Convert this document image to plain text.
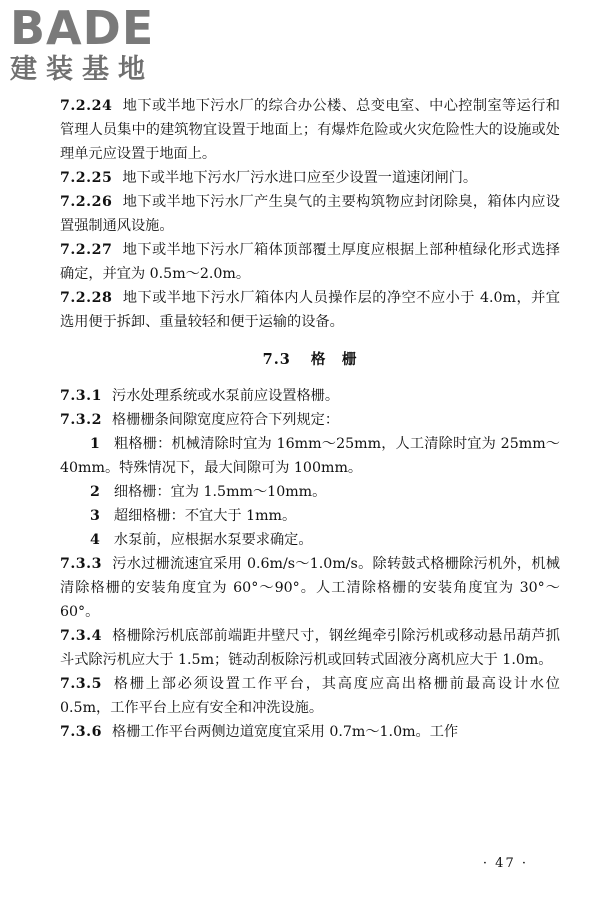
BADE
建装基地

7.2.24 地下或半地下污水厂的综合办公楼、总变电室、中心控制室等运行和管理人员集中的建筑物宜设置于地面上；有爆炸危险或火灾危险性大的设施或处理单元应设置于地面上。

7.2.25 地下或半地下污水厂污水进口应至少设置一道速闭闸门。

7.2.26 地下或半地下污水厂产生臭气的主要构筑物应封闭除臭，箱体内应设置强制通风设施。

7.2.27 地下或半地下污水厂箱体顶部覆土厚度应根据上部种植绿化形式选择确定，并宜为 0.5m～2.0m。

7.2.28 地下或半地下污水厂箱体内人员操作层的净空不应小于 4.0m，并宜选用便于拆卸、重量较轻和便于运输的设备。

7.3 格　栅

7.3.1 污水处理系统或水泵前应设置格栅。

7.3.2 格栅栅条间隙宽度应符合下列规定：

1 粗格栅：机械清除时宜为 16mm～25mm，人工清除时宜为 25mm～40mm。特殊情况下，最大间隙可为 100mm。

2 细格栅：宜为 1.5mm～10mm。

3 超细格栅：不宜大于 1mm。

4 水泵前，应根据水泵要求确定。

7.3.3 污水过栅流速宜采用 0.6m/s～1.0m/s。除转鼓式格栅除污机外，机械清除格栅的安装角度宜为 60°～90°。人工清除格栅的安装角度宜为 30°～60°。

7.3.4 格栅除污机底部前端距井壁尺寸，钢丝绳牵引除污机或移动悬吊葫芦抓斗式除污机应大于 1.5m；链动刮板除污机或回转式固液分离机应大于 1.0m。

7.3.5 格栅上部必须设置工作平台，其高度应高出格栅前最高设计水位 0.5m，工作平台上应有安全和冲洗设施。

7.3.6 格栅工作平台两侧边道宽度宜采用 0.7m～1.0m。工作

· 47 ·
